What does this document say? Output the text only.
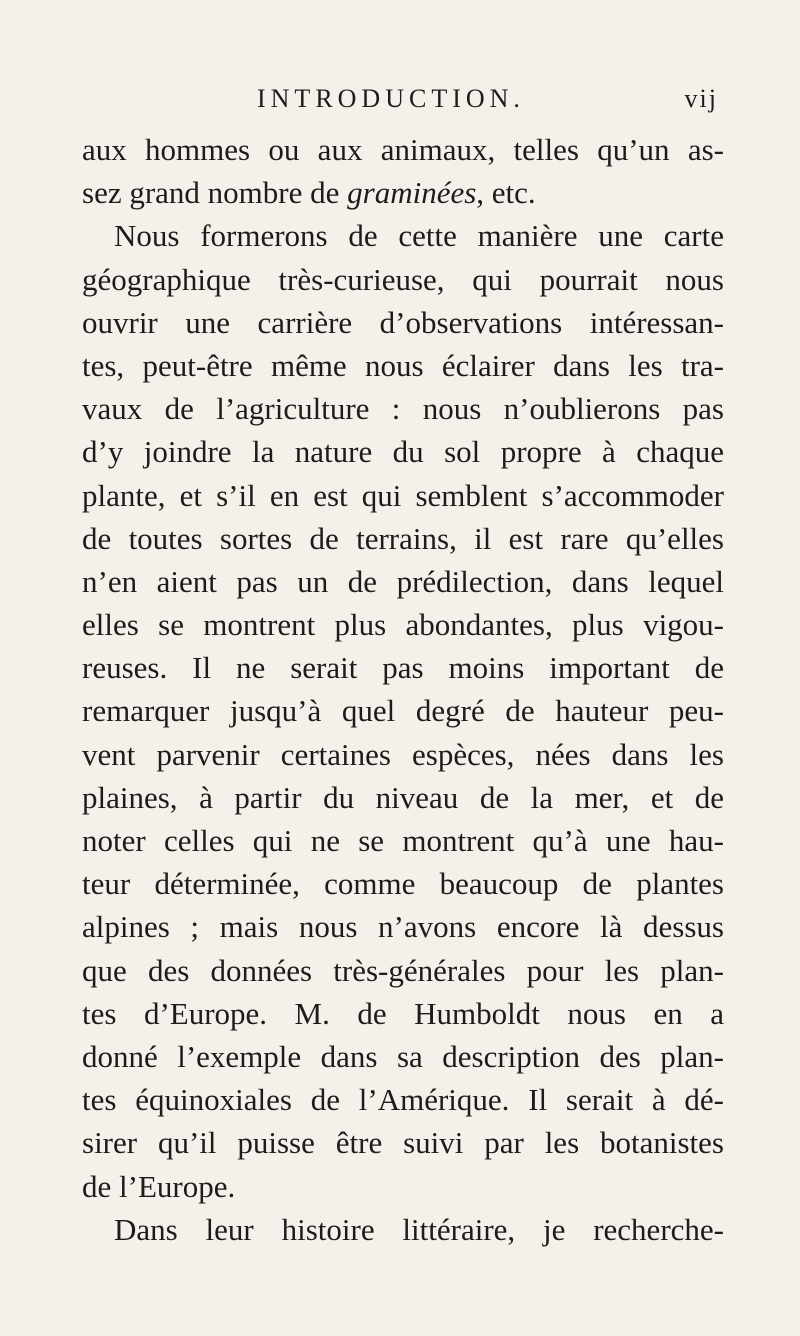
INTRODUCTION.	vij
aux hommes ou aux animaux, telles qu’un as-
sez grand nombre de graminées, etc.
Nous formerons de cette manière une carte
géographique très-curieuse, qui pourrait nous
ouvrir une carrière d’observations intéressan-
tes, peut-être même nous éclairer dans les tra-
vaux de l’agriculture : nous n’oublierons pas
d’y joindre la nature du sol propre à chaque
plante, et s’il en est qui semblent s’accommoder
de toutes sortes de terrains, il est rare qu’elles
n’en aient pas un de prédilection, dans lequel
elles se montrent plus abondantes, plus vigou-
reuses. Il ne serait pas moins important de
remarquer jusqu’à quel degré de hauteur peu-
vent parvenir certaines espèces, nées dans les
plaines, à partir du niveau de la mer, et de
noter celles qui ne se montrent qu’à une hau-
teur déterminée, comme beaucoup de plantes
alpines ; mais nous n’avons encore là dessus
que des données très-générales pour les plan-
tes d’Europe. M. de Humboldt nous en a
donné l’exemple dans sa description des plan-
tes équinoxiales de l’Amérique. Il serait à dé-
sirer qu’il puisse être suivi par les botanistes
de l’Europe.
Dans leur histoire littéraire, je recherche-
